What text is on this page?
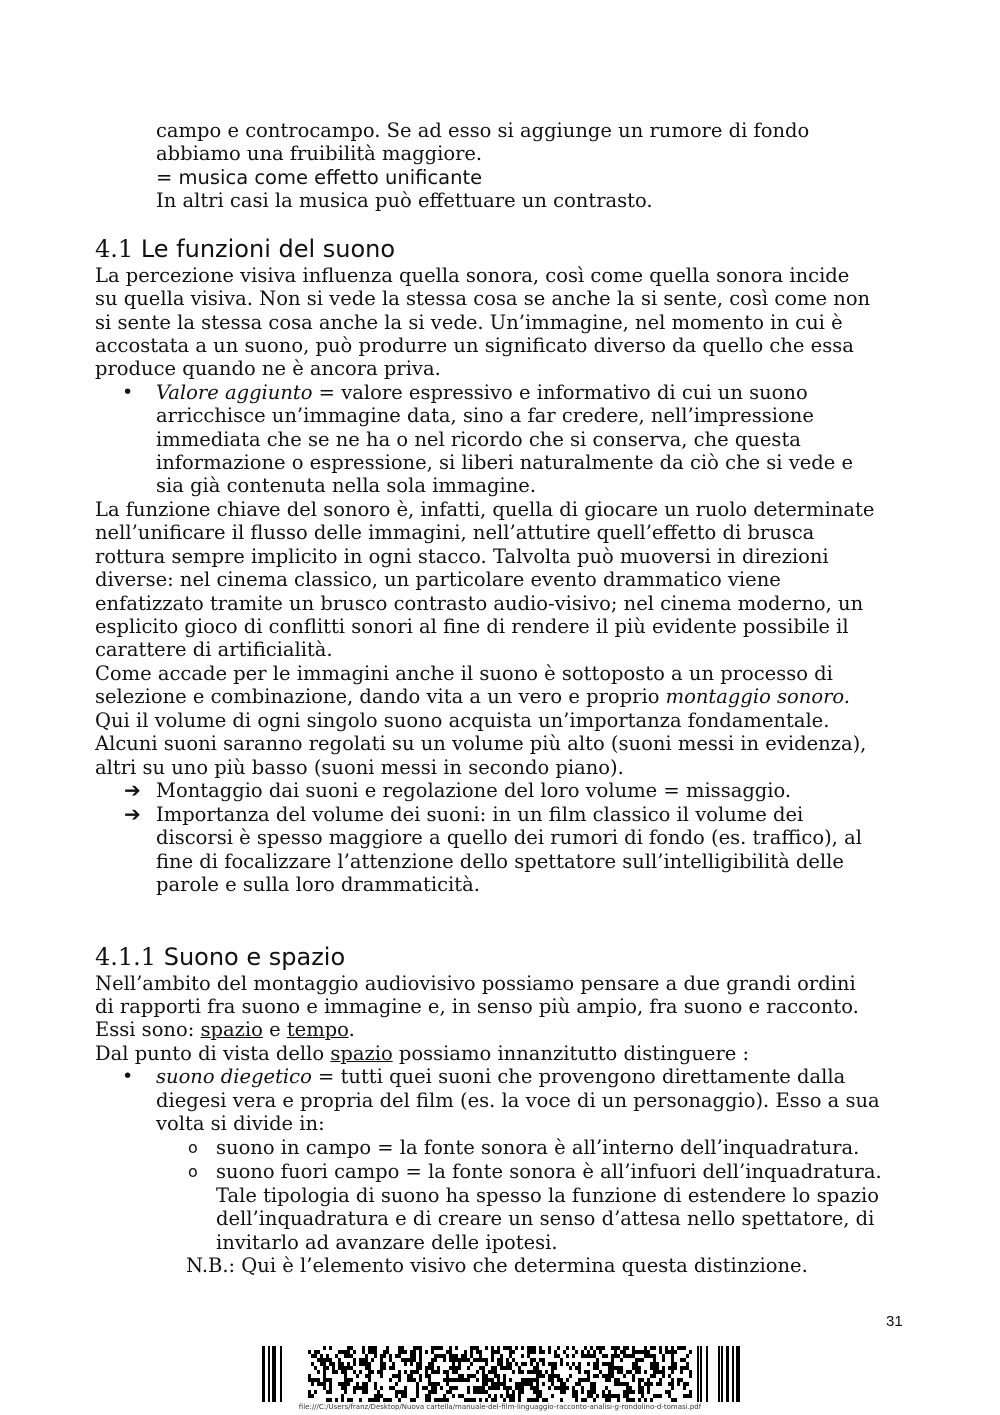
campo e controcampo. Se ad esso si aggiunge un rumore di fondo
abbiamo una fruibilità maggiore.
= musica come effetto unificante
In altri casi la musica può effettuare un contrasto.
4.1 Le funzioni del suono
La percezione visiva influenza quella sonora, così come quella sonora incide
su quella visiva. Non si vede la stessa cosa se anche la si sente, così come non
si sente la stessa cosa anche la si vede. Un’immagine, nel momento in cui è
accostata a un suono, può produrre un significato diverso da quello che essa
produce quando ne è ancora priva.
• Valore aggiunto = valore espressivo e informativo di cui un suono
arricchisce un’immagine data, sino a far credere, nell’impressione
immediata che se ne ha o nel ricordo che si conserva, che questa
informazione o espressione, si liberi naturalmente da ciò che si vede e
sia già contenuta nella sola immagine.
La funzione chiave del sonoro è, infatti, quella di giocare un ruolo determinate
nell’unificare il flusso delle immagini, nell’attutire quell’effetto di brusca
rottura sempre implicito in ogni stacco. Talvolta può muoversi in direzioni
diverse: nel cinema classico, un particolare evento drammatico viene
enfatizzato tramite un brusco contrasto audio-visivo; nel cinema moderno, un
esplicito gioco di conflitti sonori al fine di rendere il più evidente possibile il
carattere di artificialità.
Come accade per le immagini anche il suono è sottoposto a un processo di
selezione e combinazione, dando vita a un vero e proprio montaggio sonoro.
Qui il volume di ogni singolo suono acquista un’importanza fondamentale.
Alcuni suoni saranno regolati su un volume più alto (suoni messi in evidenza),
altri su uno più basso (suoni messi in secondo piano).
➔ Montaggio dai suoni e regolazione del loro volume = missaggio.
➔ Importanza del volume dei suoni: in un film classico il volume dei
discorsi è spesso maggiore a quello dei rumori di fondo (es. traffico), al
fine di focalizzare l’attenzione dello spettatore sull’intelligibilità delle
parole e sulla loro drammaticità.
4.1.1 Suono e spazio
Nell’ambito del montaggio audiovisivo possiamo pensare a due grandi ordini
di rapporti fra suono e immagine e, in senso più ampio, fra suono e racconto.
Essi sono: spazio e tempo.
Dal punto di vista dello spazio possiamo innanzitutto distinguere :
• suono diegetico = tutti quei suoni che provengono direttamente dalla
diegesi vera e propria del film (es. la voce di un personaggio). Esso a sua
volta si divide in:
o suono in campo = la fonte sonora è all’interno dell’inquadratura.
o suono fuori campo = la fonte sonora è all’infuori dell’inquadratura.
Tale tipologia di suono ha spesso la funzione di estendere lo spazio
dell’inquadratura e di creare un senso d’attesa nello spettatore, di
invitarlo ad avanzare delle ipotesi.
N.B.: Qui è l’elemento visivo che determina questa distinzione.
31
file:///C:/Users/franz/Desktop/Nuova cartella/manuale-del-film-linguaggio-racconto-analisi-g-rondolino-d-tomasi.pdf
